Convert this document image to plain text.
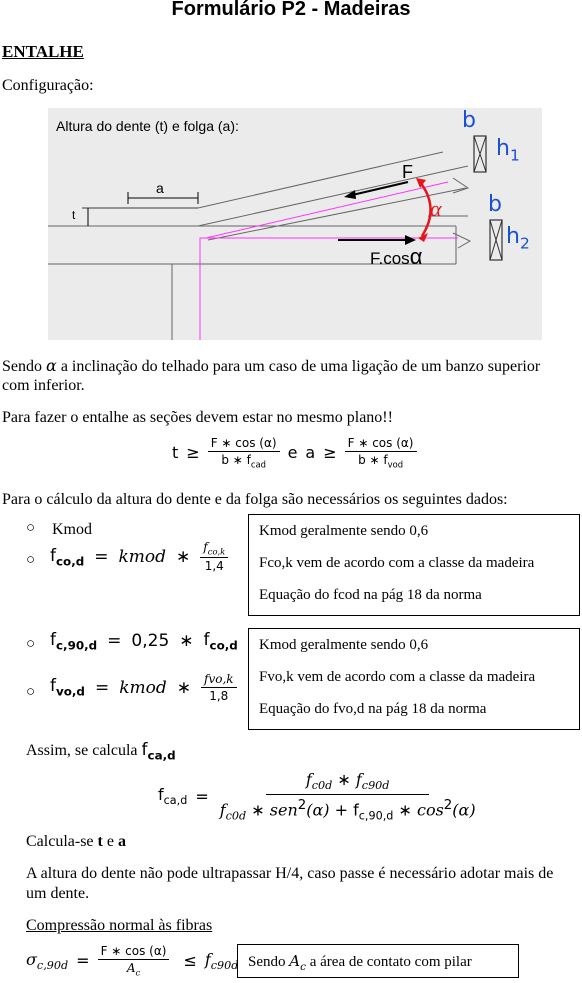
Formulário P2 - Madeiras
ENTALHE
Configuração:
Altura do dente (t) e folga (a):
a
t
F
F.cosα
α
b
$h_1$
b
$h_2$
Sendo α a inclinação do telhado para um caso de uma ligação de um banzo superior
com inferior.
Para fazer o entalhe as seções devem estar no mesmo plano!!
$t \ge \frac{F ∗ \cos (\alpha)}{b ∗ f_{cad}}$ e $a \ge \frac{F ∗ \cos (\alpha)}{b ∗ f_{vod}}$
Para o cálculo da altura do dente e da folga são necessários os seguintes dados:
○ Kmod
○ $f_{co,d}$ = kmod ∗ $\frac{f_{co,k}}{1,4}$
Kmod geralmente sendo 0,6
Fco,k vem de acordo com a classe da madeira
Equação do fcod na pág 18 da norma
○ $f_{c,90,d} = 0,25$ ∗ $f_{co,d}$
○ $f_{vo,d}$ = kmod ∗ $\frac{\text{fvo,k}}{1,8}$
Kmod geralmente sendo 0,6
Fvo,k vem de acordo com a classe da madeira
Equação do fvo,d na pág 18 da norma
Assim, se calcula $f_{ca,d}$
$f_{ca,d}$ =
$f_{c0d}$ ∗ $f_{c90d}$
$f_{c0d}$ ∗ $sen^2(\alpha) + f_{c,90,d}$ ∗ $\cos^2(\alpha)$
Calcula-se t e a
A altura do dente não pode ultrapassar H/4, caso passe é necessário adotar mais de
um dente.
Compressão normal às fibras
$\sigma_{c,90d} = \frac{F ∗ \cos (\alpha)}{A_c} \le f_{c90d}$ Sendo $A_c$ a área de contato com pilar
